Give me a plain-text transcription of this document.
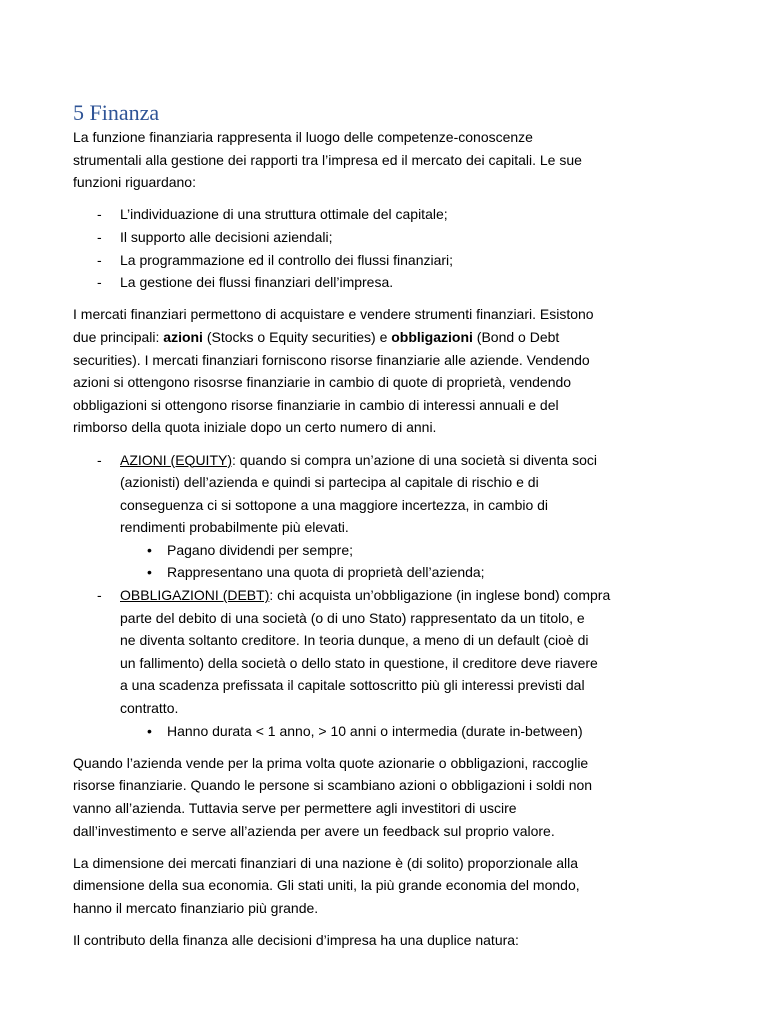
5 Finanza

La funzione finanziaria rappresenta il luogo delle competenze-conoscenze
strumentali alla gestione dei rapporti tra l’impresa ed il mercato dei capitali. Le sue
funzioni riguardano:

- L’individuazione di una struttura ottimale del capitale;
- Il supporto alle decisioni aziendali;
- La programmazione ed il controllo dei flussi finanziari;
- La gestione dei flussi finanziari dell’impresa.

I mercati finanziari permettono di acquistare e vendere strumenti finanziari. Esistono
due principali: azioni (Stocks o Equity securities) e obbligazioni (Bond o Debt
securities). I mercati finanziari forniscono risorse finanziarie alle aziende. Vendendo
azioni si ottengono risosrse finanziarie in cambio di quote di proprietà, vendendo
obbligazioni si ottengono risorse finanziarie in cambio di interessi annuali e del
rimborso della quota iniziale dopo un certo numero di anni.

- AZIONI (EQUITY): quando si compra un’azione di una società si diventa soci
(azionisti) dell’azienda e quindi si partecipa al capitale di rischio e di
conseguenza ci si sottopone a una maggiore incertezza, in cambio di
rendimenti probabilmente più elevati.
• Pagano dividendi per sempre;
• Rappresentano una quota di proprietà dell’azienda;
- OBBLIGAZIONI (DEBT): chi acquista un’obbligazione (in inglese bond) compra
parte del debito di una società (o di uno Stato) rappresentato da un titolo, e
ne diventa soltanto creditore. In teoria dunque, a meno di un default (cioè di
un fallimento) della società o dello stato in questione, il creditore deve riavere
a una scadenza prefissata il capitale sottoscritto più gli interessi previsti dal
contratto.
• Hanno durata < 1 anno, > 10 anni o intermedia (durate in-between)

Quando l’azienda vende per la prima volta quote azionarie o obbligazioni, raccoglie
risorse finanziarie. Quando le persone si scambiano azioni o obbligazioni i soldi non
vanno all’azienda. Tuttavia serve per permettere agli investitori di uscire
dall’investimento e serve all’azienda per avere un feedback sul proprio valore.

La dimensione dei mercati finanziari di una nazione è (di solito) proporzionale alla
dimensione della sua economia. Gli stati uniti, la più grande economia del mondo,
hanno il mercato finanziario più grande.

Il contributo della finanza alle decisioni d’impresa ha una duplice natura:
